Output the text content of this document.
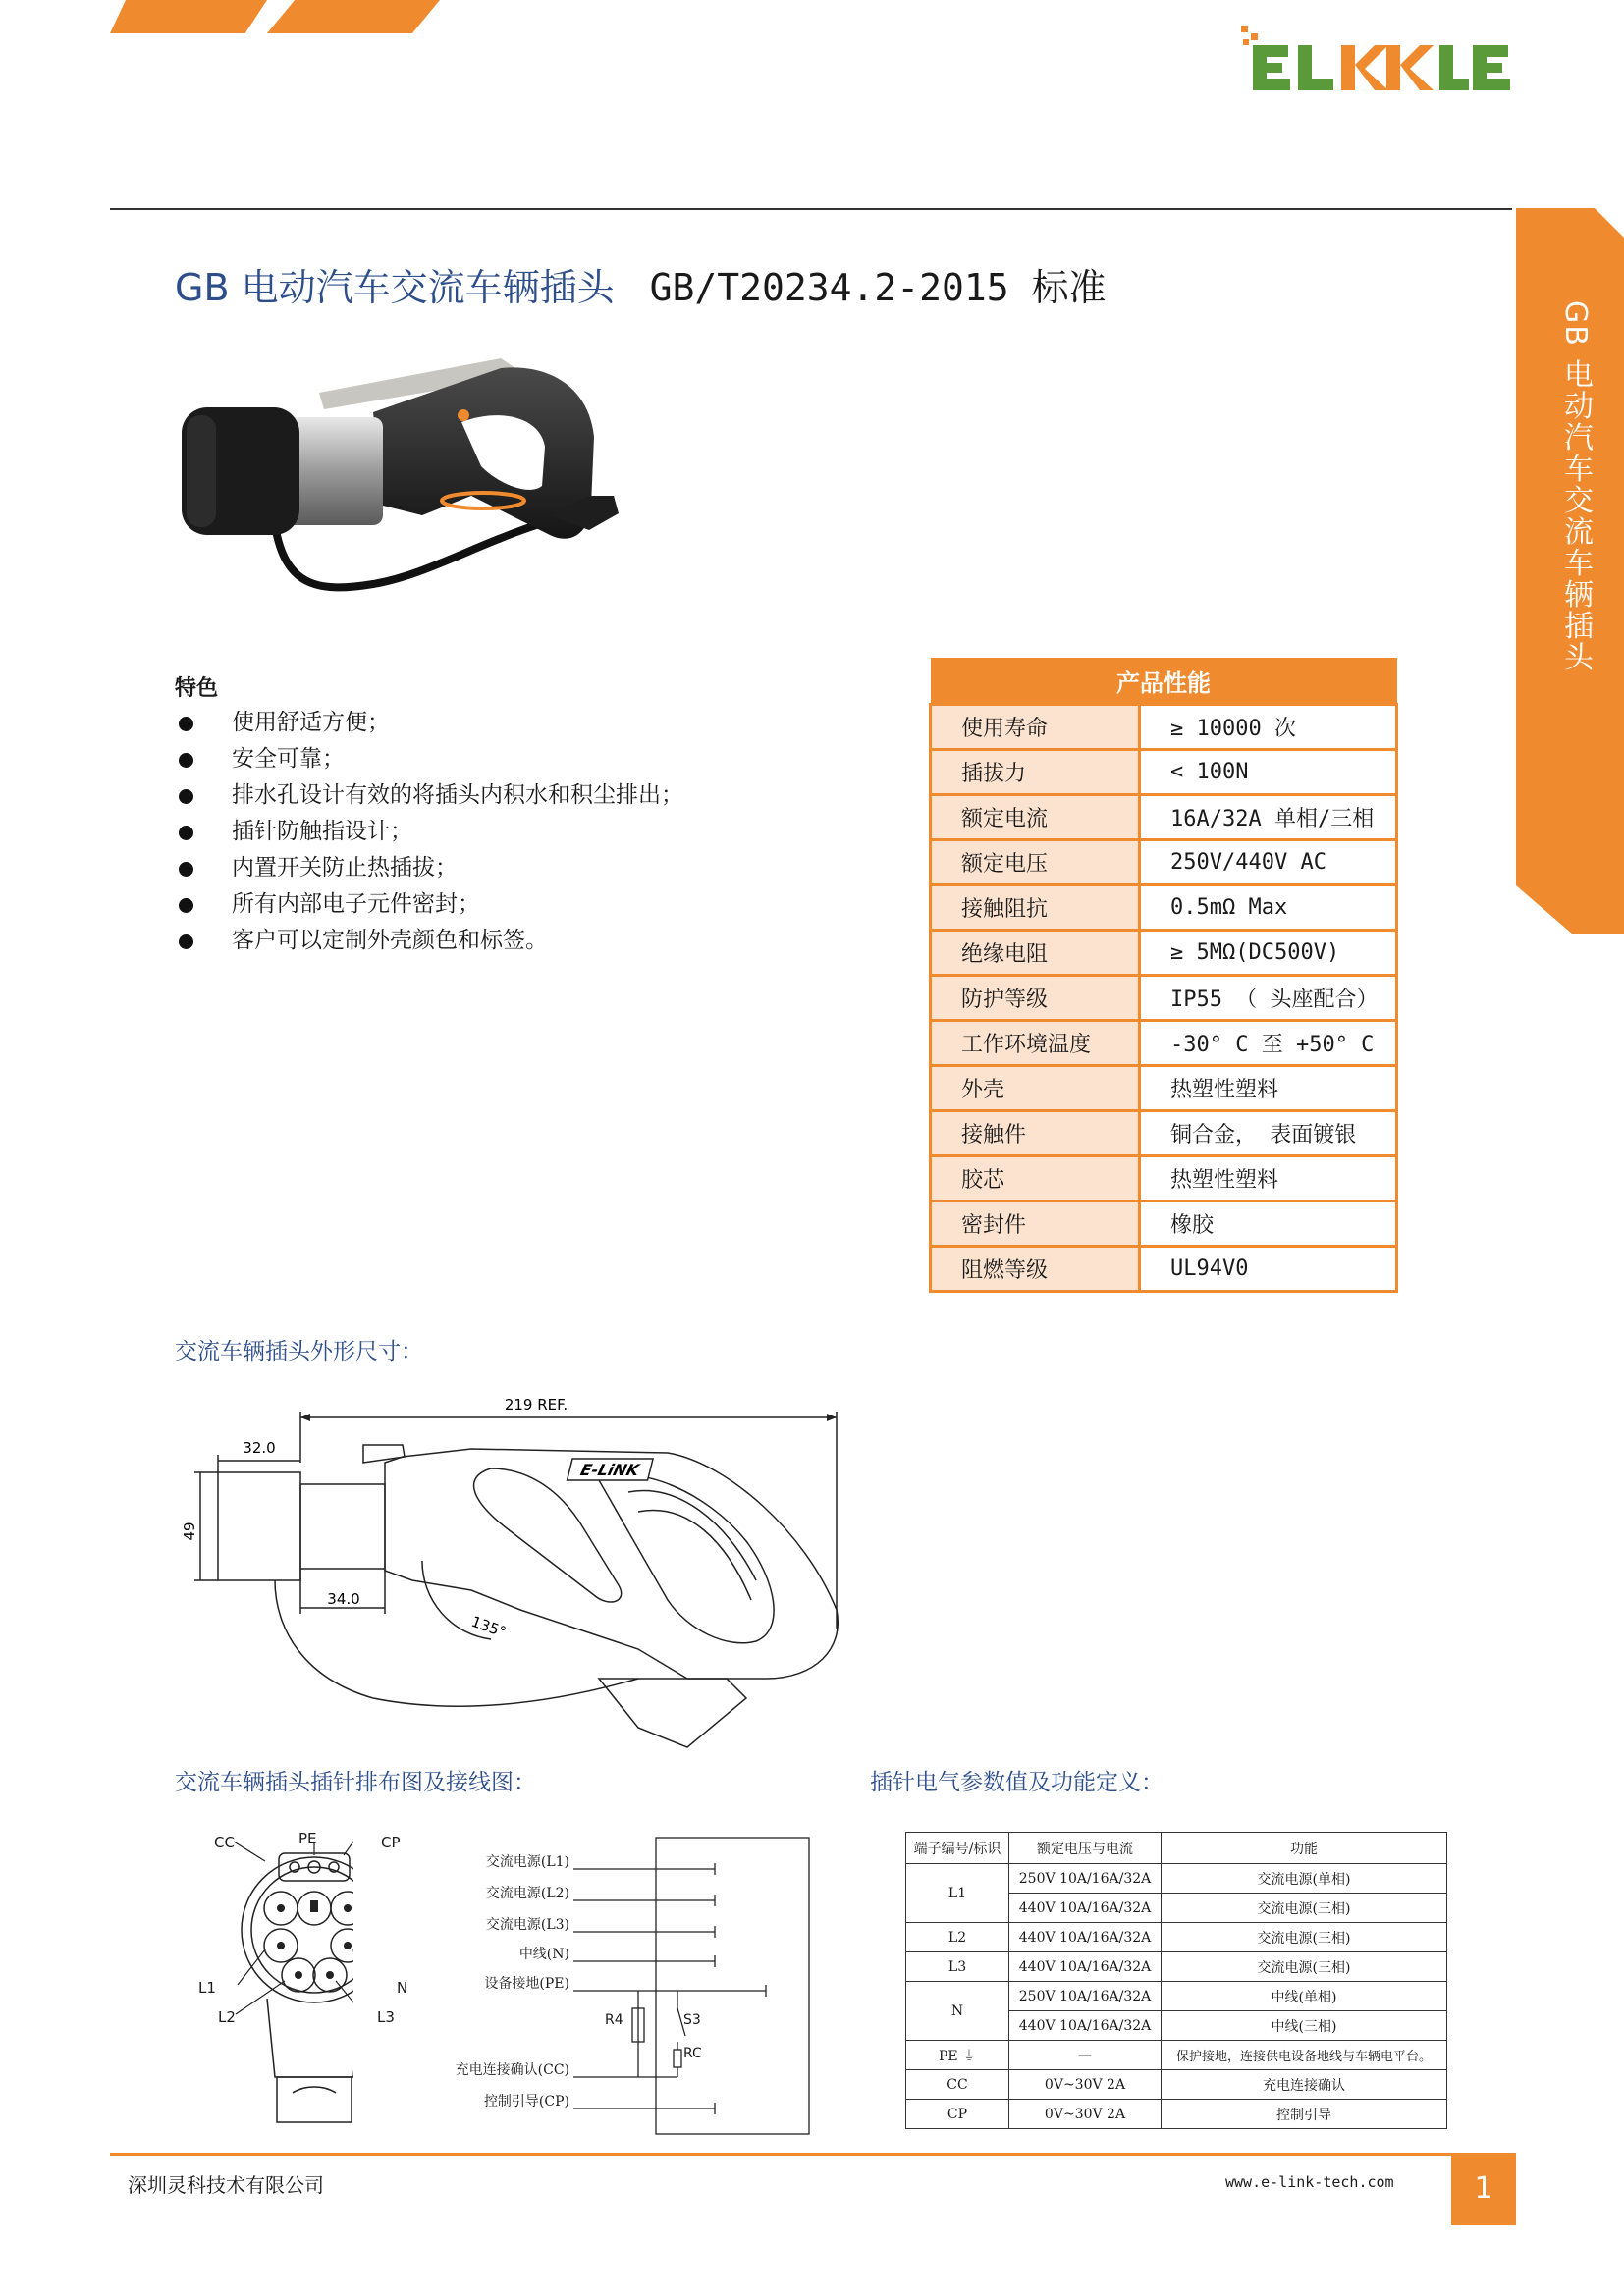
GB 电动汽车交流车辆插头 GB/T20234.2-2015 标准
GB 电动汽车交流车辆插头
特色
使用舒适方便；
安全可靠；
排水孔设计有效的将插头内积水和积尘排出；
插针防触指设计；
内置开关防止热插拔；
所有内部电子元件密封；
客户可以定制外壳颜色和标签。
产品性能	
使用寿命	≥ 10000 次
插拔力	< 100N
额定电流	16A/32A 单相/三相
额定电压	250V/440V AC
接触阻抗	0.5mΩ Max
绝缘电阻	≥ 5MΩ(DC500V)
防护等级	IP55 （ 头座配合）
工作环境温度	-30° C 至 +50° C
外壳	热塑性塑料
接触件	铜合金， 表面镀银
胶芯	热塑性塑料
密封件	橡胶
阻燃等级	UL94V0
交流车辆插头外形尺寸：
219 REF.
32.0
49
34.0
135°
E-LiNK
交流车辆插头插针排布图及接线图：
CC	PE	CP
L1	N
L2	L3
交流电源(L1)
交流电源(L2)
交流电源(L3)
中线(N)
设备接地(PE)
充电连接确认(CC)
控制引导(CP)
R4	S3
RC
插针电气参数值及功能定义：
端子编号/标识	额定电压与电流	功能
L1	250V 10A/16A/32A	交流电源(单相)
	440V 10A/16A/32A	交流电源(三相)
L2	440V 10A/16A/32A	交流电源(三相)
L3	440V 10A/16A/32A	交流电源(三相)
N	250V 10A/16A/32A	中线(单相)
	440V 10A/16A/32A	中线(三相)
PE ⏚	—	保护接地，连接供电设备地线与车辆电平台。
CC	0V~30V 2A	充电连接确认
CP	0V~30V 2A	控制引导
深圳灵科技术有限公司	www.e-link-tech.com	1
